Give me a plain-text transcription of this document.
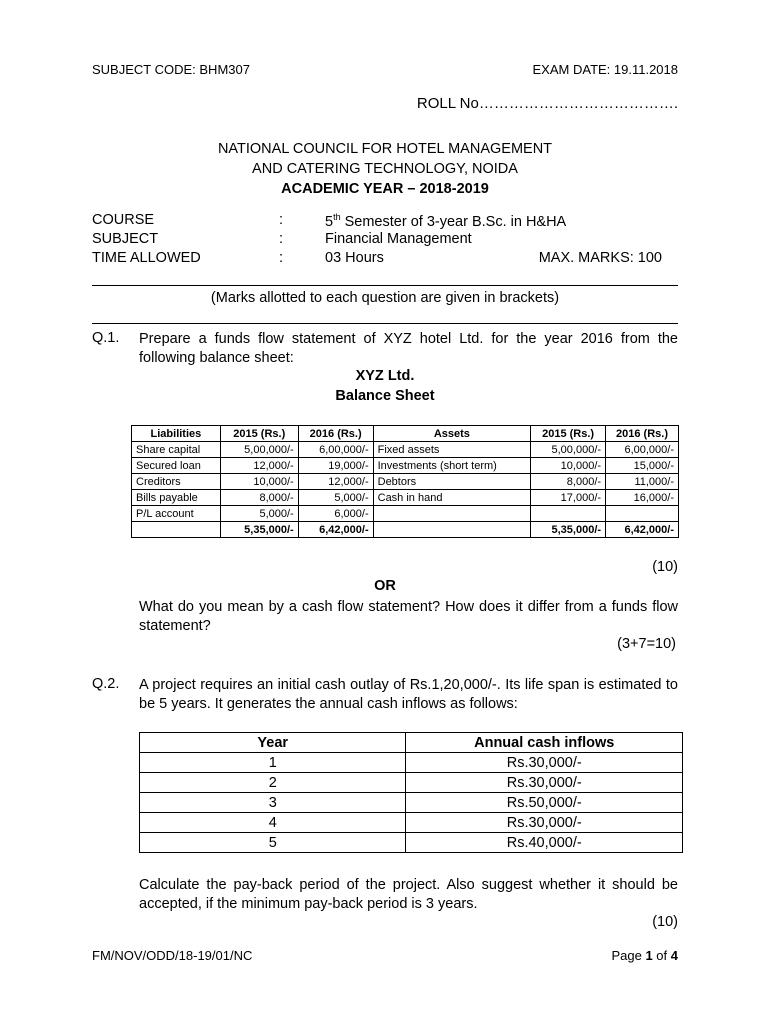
SUBJECT CODE: BHM307	EXAM DATE: 19.11.2018
ROLL No………………………………….
NATIONAL COUNCIL FOR HOTEL MANAGEMENT
AND CATERING TECHNOLOGY, NOIDA
ACADEMIC YEAR – 2018-2019
COURSE	:	5th Semester of 3-year B.Sc. in H&HA
SUBJECT	:	Financial Management
TIME ALLOWED	:	03 Hours	MAX. MARKS: 100
(Marks allotted to each question are given in brackets)
Q.1. Prepare a funds flow statement of XYZ hotel Ltd. for the year 2016 from the following balance sheet:
XYZ Ltd.
Balance Sheet
Liabilities	2015 (Rs.)	2016 (Rs.)	Assets	2015 (Rs.)	2016 (Rs.)
Share capital	5,00,000/-	6,00,000/-	Fixed assets	5,00,000/-	6,00,000/-
Secured loan	12,000/-	19,000/-	Investments (short term)	10,000/-	15,000/-
Creditors	10,000/-	12,000/-	Debtors	8,000/-	11,000/-
Bills payable	8,000/-	5,000/-	Cash in hand	17,000/-	16,000/-
P/L account	5,000/-	6,000/-			
	5,35,000/-	6,42,000/-		5,35,000/-	6,42,000/-
(10)
OR
What do you mean by a cash flow statement? How does it differ from a funds flow statement?
(3+7=10)
Q.2. A project requires an initial cash outlay of Rs.1,20,000/-. Its life span is estimated to be 5 years. It generates the annual cash inflows as follows:
Year	Annual cash inflows
1	Rs.30,000/-
2	Rs.30,000/-
3	Rs.50,000/-
4	Rs.30,000/-
5	Rs.40,000/-
Calculate the pay-back period of the project. Also suggest whether it should be accepted, if the minimum pay-back period is 3 years.
(10)
FM/NOV/ODD/18-19/01/NC	Page 1 of 4
